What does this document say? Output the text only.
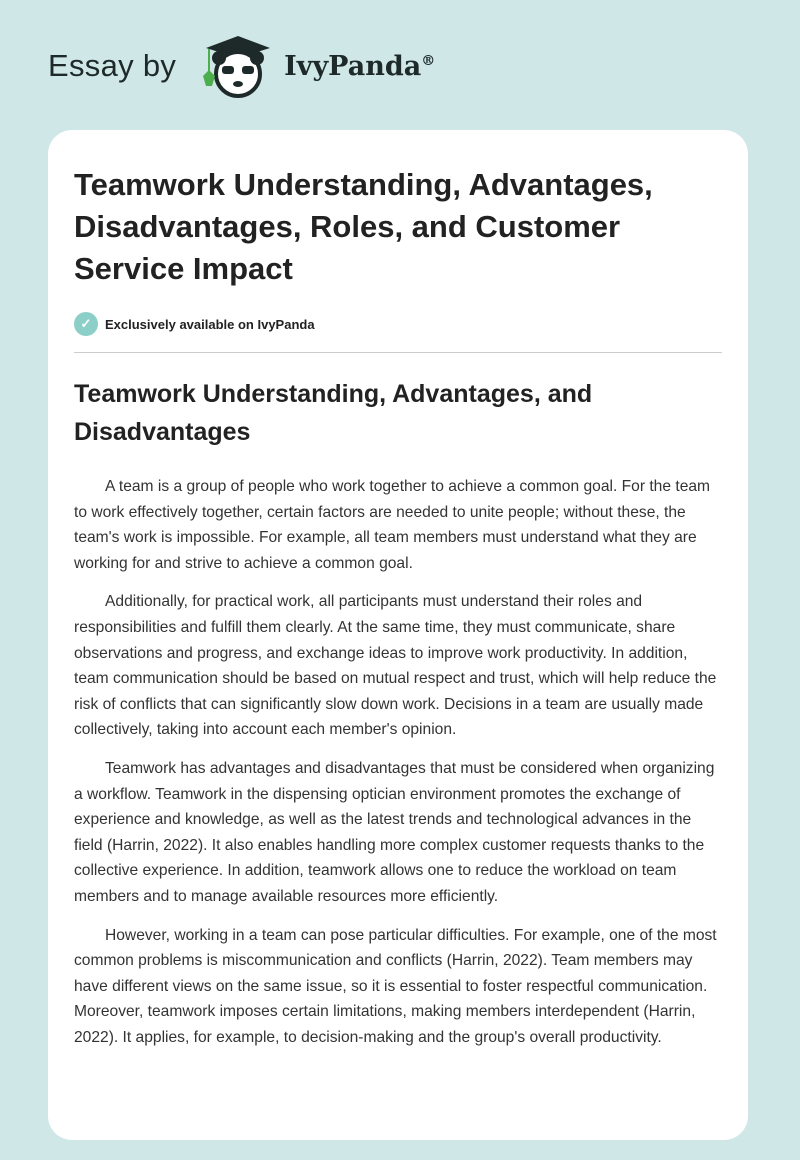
Essay by	IvyPanda®
Teamwork Understanding, Advantages, Disadvantages, Roles, and Customer Service Impact
✓	Exclusively available on IvyPanda
Teamwork Understanding, Advantages, and Disadvantages

A team is a group of people who work together to achieve a common goal. For the team to work effectively together, certain factors are needed to unite people; without these, the team's work is impossible. For example, all team members must understand what they are working for and strive to achieve a common goal.

Additionally, for practical work, all participants must understand their roles and responsibilities and fulfill them clearly. At the same time, they must communicate, share observations and progress, and exchange ideas to improve work productivity. In addition, team communication should be based on mutual respect and trust, which will help reduce the risk of conflicts that can significantly slow down work. Decisions in a team are usually made collectively, taking into account each member's opinion.

Teamwork has advantages and disadvantages that must be considered when organizing a workflow. Teamwork in the dispensing optician environment promotes the exchange of experience and knowledge, as well as the latest trends and technological advances in the field (Harrin, 2022). It also enables handling more complex customer requests thanks to the collective experience. In addition, teamwork allows one to reduce the workload on team members and to manage available resources more efficiently.

However, working in a team can pose particular difficulties. For example, one of the most common problems is miscommunication and conflicts (Harrin, 2022). Team members may have different views on the same issue, so it is essential to foster respectful communication. Moreover, teamwork imposes certain limitations, making members interdependent (Harrin, 2022). It applies, for example, to decision-making and the group's overall productivity.
